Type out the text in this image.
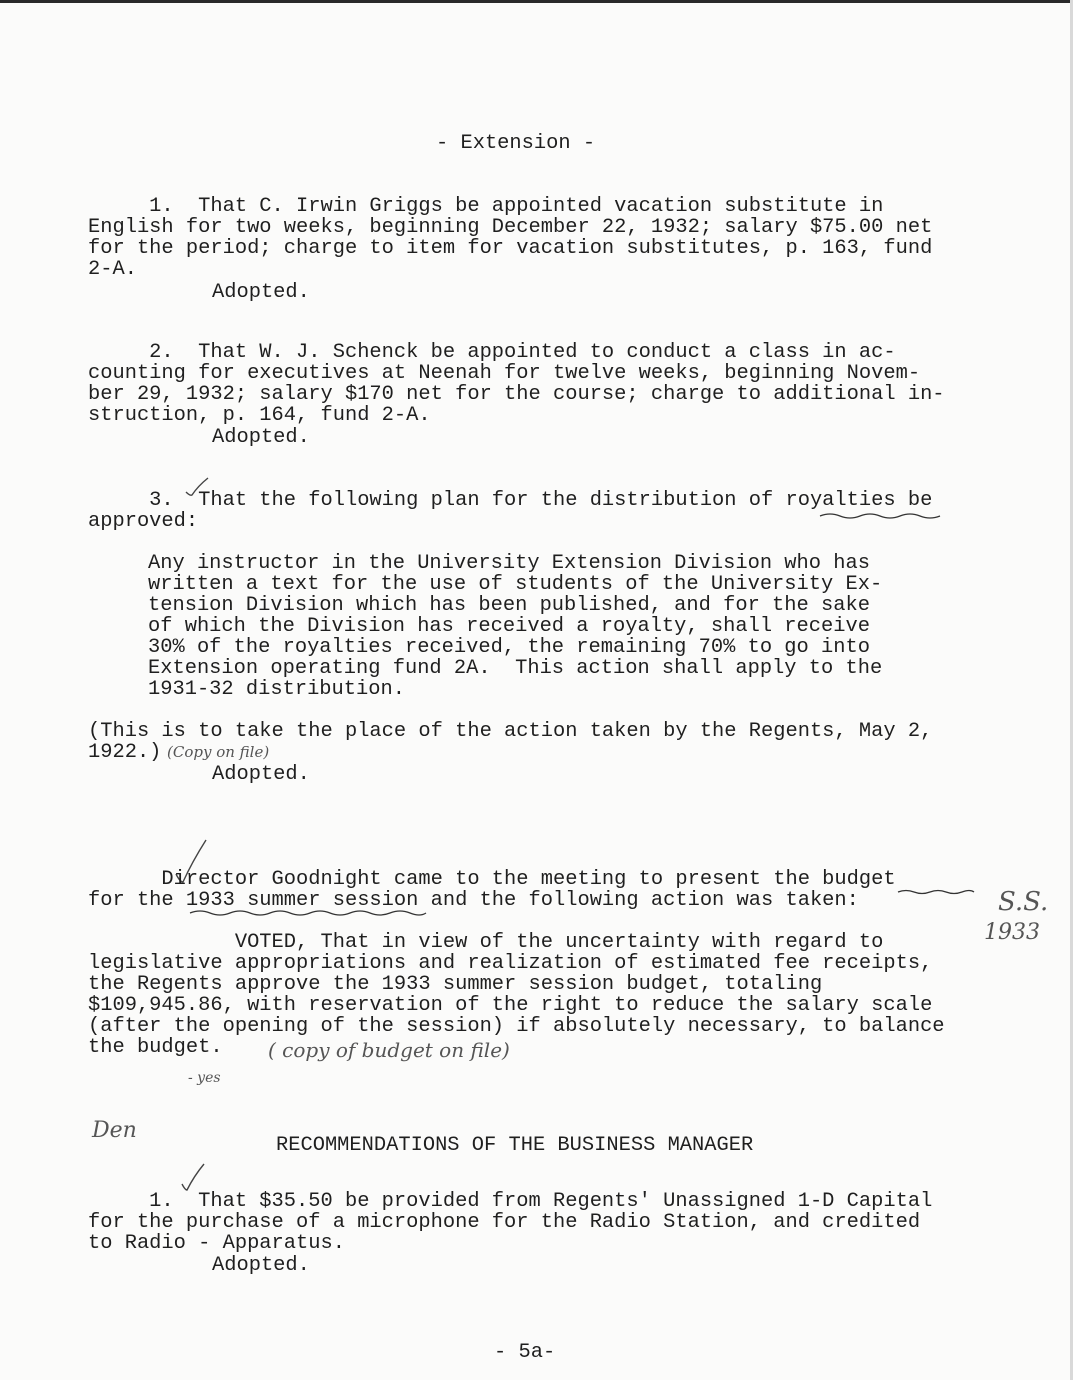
- Extension -
1.  That C. Irwin Griggs be appointed vacation substitute in
English for two weeks, beginning December 22, 1932; salary $75.00 net
for the period; charge to item for vacation substitutes, p. 163, fund
2-A.
Adopted.
2.  That W. J. Schenck be appointed to conduct a class in ac-
counting for executives at Neenah for twelve weeks, beginning Novem-
ber 29, 1932; salary $170 net for the course; charge to additional in-
struction, p. 164, fund 2-A.
Adopted.
3.  That the following plan for the distribution of royalties be
approved:
Any instructor in the University Extension Division who has
written a text for the use of students of the University Ex-
tension Division which has been published, and for the sake
of which the Division has received a royalty, shall receive
30% of the royalties received, the remaining 70% to go into
Extension operating fund 2A.  This action shall apply to the
1931-32 distribution.
(This is to take the place of the action taken by the Regents, May 2,
1922.) (Copy on file)
Adopted.
Director Goodnight came to the meeting to present the budget
for the 1933 summer session and the following action was taken:	S.S.
1933
VOTED, That in view of the uncertainty with regard to
legislative appropriations and realization of estimated fee receipts,
the Regents approve the 1933 summer session budget, totaling
$109,945.86, with reservation of the right to reduce the salary scale
(after the opening of the session) if absolutely necessary, to balance
the budget. ( copy of budget on file)
- yes
Den
RECOMMENDATIONS OF THE BUSINESS MANAGER
1.  That $35.50 be provided from Regents' Unassigned 1-D Capital
for the purchase of a microphone for the Radio Station, and credited
to Radio - Apparatus.
Adopted.
- 5a-
